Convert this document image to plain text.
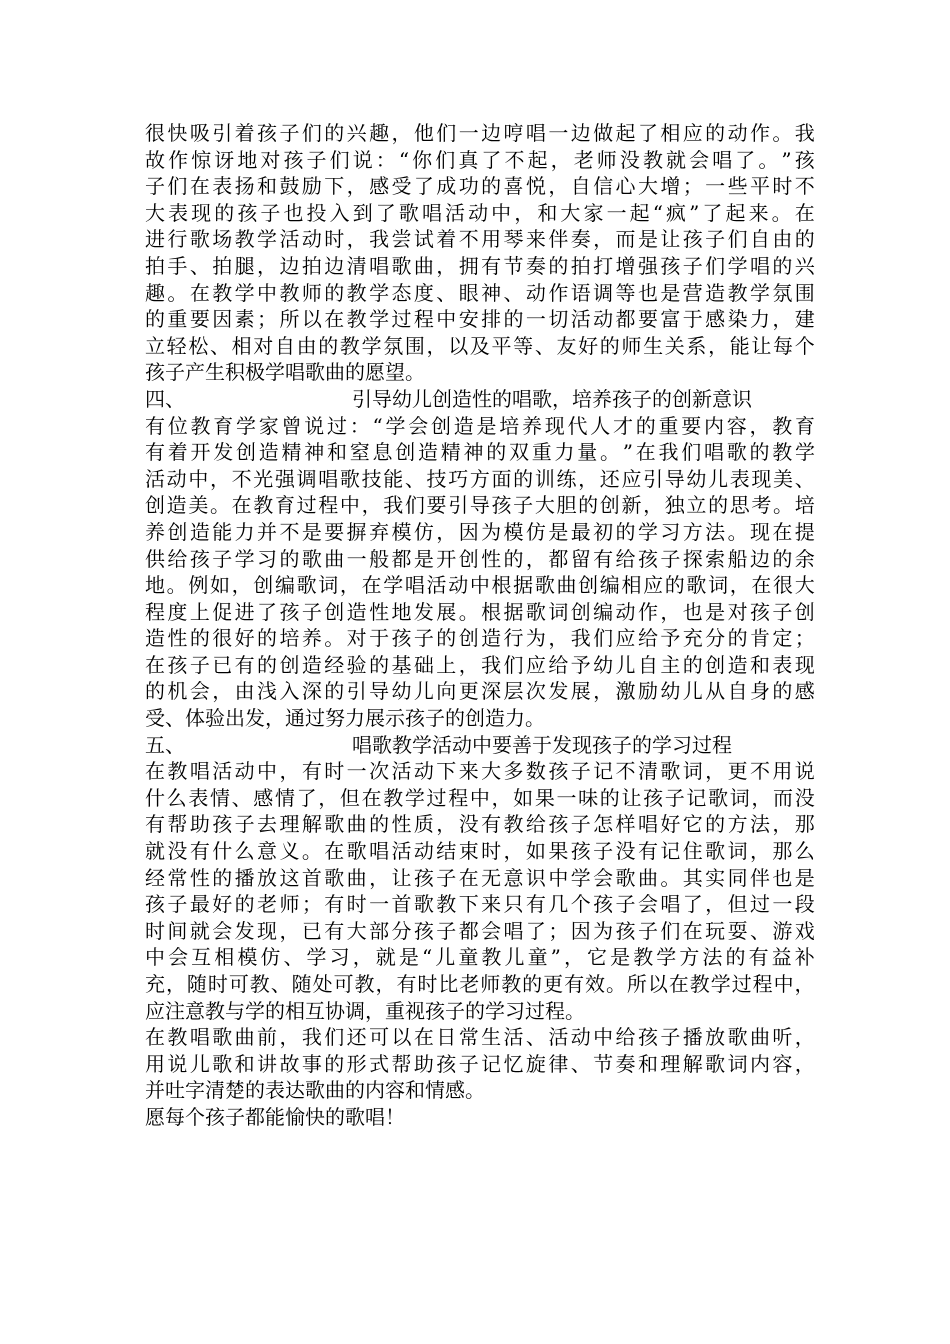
很 快 吸 引 着 孩 子 们 的 兴 趣 ， 他 们 一 边 哼 唱 一 边 做 起 了 相 应 的 动 作 。 我
故 作 惊 讶 地 对 孩 子 们 说 ： “ 你 们 真 了 不 起 ， 老 师 没 教 就 会 唱 了 。 ” 孩
子 们 在 表 扬 和 鼓 励 下 ， 感 受 了 成 功 的 喜 悦 ， 自 信 心 大 增 ； 一 些 平 时 不
大 表 现 的 孩 子 也 投 入 到 了 歌 唱 活 动 中 ， 和 大 家 一 起 “ 疯 ” 了 起 来 。 在
进 行 歌 场 教 学 活 动 时 ， 我 尝 试 着 不 用 琴 来 伴 奏 ， 而 是 让 孩 子 们 自 由 的
拍 手 、 拍 腿 ， 边 拍 边 清 唱 歌 曲 ， 拥 有 节 奏 的 拍 打 增 强 孩 子 们 学 唱 的 兴
趣 。 在 教 学 中 教 师 的 教 学 态 度 、 眼 神 、 动 作 语 调 等 也 是 营 造 教 学 氛 围
的 重 要 因 素 ； 所 以 在 教 学 过 程 中 安 排 的 一 切 活 动 都 要 富 于 感 染 力 ， 建
立 轻 松 、 相 对 自 由 的 教 学 氛 围 ， 以 及 平 等 、 友 好 的 师 生 关 系 ， 能 让 每 个
孩子产生积极学唱歌曲的愿望。
四、	引导幼儿创造性的唱歌，培养孩子的创新意识
有 位 教 育 学 家 曾 说 过 ： “ 学 会 创 造 是 培 养 现 代 人 才 的 重 要 内 容 ， 教 育
有 着 开 发 创 造 精 神 和 窒 息 创 造 精 神 的 双 重 力 量 。 ” 在 我 们 唱 歌 的 教 学
活 动 中 ， 不 光 强 调 唱 歌 技 能 、 技 巧 方 面 的 训 练 ， 还 应 引 导 幼 儿 表 现 美 、
创 造 美 。 在 教 育 过 程 中 ， 我 们 要 引 导 孩 子 大 胆 的 创 新 ， 独 立 的 思 考 。 培
养 创 造 能 力 并 不 是 要 摒 弃 模 仿 ， 因 为 模 仿 是 最 初 的 学 习 方 法 。 现 在 提
供 给 孩 子 学 习 的 歌 曲 一 般 都 是 开 创 性 的 ， 都 留 有 给 孩 子 探 索 船 边 的 余
地 。 例 如 ， 创 编 歌 词 ， 在 学 唱 活 动 中 根 据 歌 曲 创 编 相 应 的 歌 词 ， 在 很 大
程 度 上 促 进 了 孩 子 创 造 性 地 发 展 。 根 据 歌 词 创 编 动 作 ， 也 是 对 孩 子 创
造 性 的 很 好 的 培 养 。 对 于 孩 子 的 创 造 行 为 ， 我 们 应 给 予 充 分 的 肯 定 ；
在 孩 子 已 有 的 创 造 经 验 的 基 础 上 ， 我 们 应 给 予 幼 儿 自 主 的 创 造 和 表 现
的 机 会 ， 由 浅 入 深 的 引 导 幼 儿 向 更 深 层 次 发 展 ， 激 励 幼 儿 从 自 身 的 感
受、体验出发，通过努力展示孩子的创造力。
五、	唱歌教学活动中要善于发现孩子的学习过程
在 教 唱 活 动 中 ， 有 时 一 次 活 动 下 来 大 多 数 孩 子 记 不 清 歌 词 ， 更 不 用 说
什 么 表 情 、 感 情 了 ， 但 在 教 学 过 程 中 ， 如 果 一 味 的 让 孩 子 记 歌 词 ， 而 没
有 帮 助 孩 子 去 理 解 歌 曲 的 性 质 ， 没 有 教 给 孩 子 怎 样 唱 好 它 的 方 法 ， 那
就 没 有 什 么 意 义 。 在 歌 唱 活 动 结 束 时 ， 如 果 孩 子 没 有 记 住 歌 词 ， 那 么
经 常 性 的 播 放 这 首 歌 曲 ， 让 孩 子 在 无 意 识 中 学 会 歌 曲 。 其 实 同 伴 也 是
孩 子 最 好 的 老 师 ； 有 时 一 首 歌 教 下 来 只 有 几 个 孩 子 会 唱 了 ， 但 过 一 段
时 间 就 会 发 现 ， 已 有 大 部 分 孩 子 都 会 唱 了 ； 因 为 孩 子 们 在 玩 耍 、 游 戏
中 会 互 相 模 仿 、 学 习 ， 就 是 “ 儿 童 教 儿 童 ” ， 它 是 教 学 方 法 的 有 益 补
充 ， 随 时 可 教 、 随 处 可 教 ， 有 时 比 老 师 教 的 更 有 效 。 所 以 在 教 学 过 程 中 ，
应注意教与学的相互协调，重视孩子的学习过程。
在 教 唱 歌 曲 前 ， 我 们 还 可 以 在 日 常 生 活 、 活 动 中 给 孩 子 播 放 歌 曲 听 ，
用 说 儿 歌 和 讲 故 事 的 形 式 帮 助 孩 子 记 忆 旋 律 、 节 奏 和 理 解 歌 词 内 容 ，
并吐字清楚的表达歌曲的内容和情感。
愿每个孩子都能愉快的歌唱！
